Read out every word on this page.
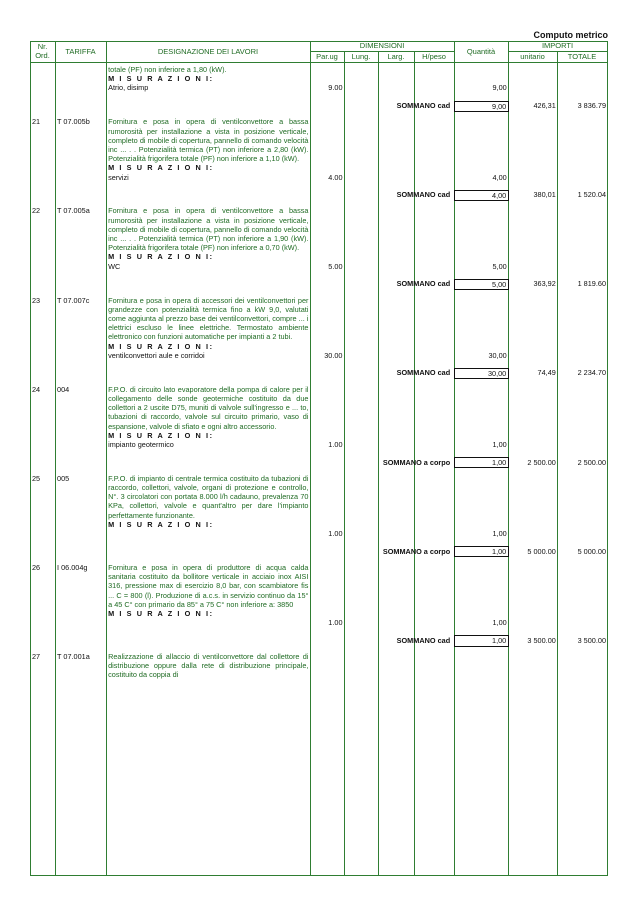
Computo metrico
Nr.
Ord.	TARIFFA	DESIGNAZIONE DEI LAVORI
DIMENSIONI
Par.ug	Lung.	Larg.	H/peso
Quantità
IMPORTI
unitario	TOTALE
		totale (PF) non inferiore a 1,80 (kW).							
		M I S U R A Z I O N I:							
		Atrio, disimp	9.00				9,00		

		SOMMANO cad					9,00	426,31	3 836.79
21	T 07.005b	Fornitura e posa in opera di ventilconvettore a bassa rumorosità per installazione a vista in posizione verticale, completo di mobile di copertura, pannello di comando velocità inc ... . . Potenzialità termica (PT) non inferiore a 2,80 (kW). Potenzialità frigorifera totale (PF) non inferiore a 1,10 (kW).							
		M I S U R A Z I O N I:							
		servizi	4.00				4,00		

		SOMMANO cad					4,00	380,01	1 520.04
22	T 07.005a	Fornitura e posa in opera di ventilconvettore a bassa rumorosità per installazione a vista in posizione verticale, completo di mobile di copertura, pannello di comando velocità inc ... . . Potenzialità termica (PT) non inferiore a 1,90 (kW). Potenzialità frigorifera totale (PF) non inferiore a 0,70 (kW).							
		M I S U R A Z I O N I:							
		WC	5.00				5,00		

		SOMMANO cad					5,00	363,92	1 819.60
23	T 07.007c	Fornitura e posa in opera di accessori dei ventilconvettori per grandezze con potenzialità termica fino a kW 9,0, valutati come aggiunta al prezzo base dei ventilconvettori, compre ... i elettrici escluso le linee elettriche. Termostato ambiente elettronico con funzioni automatiche per impianti a 2 tubi.							
		M I S U R A Z I O N I:							
		ventilconvettori aule e corridoi	30.00				30,00		

		SOMMANO cad					30,00	74,49	2 234.70
24	004	F.P.O. di circuito lato evaporatore della pompa di calore per il collegamento delle sonde geotermiche costituito da due collettori a 2 uscite D75, muniti di valvole sull'ingresso e ... to, tubazioni di raccordo, valvole sul circuito primario, vaso di espansione, valvole di sfiato e ogni altro accessorio.							
		M I S U R A Z I O N I:							
		impianto geotermico	1.00				1,00		

		SOMMANO a corpo					1,00	2 500.00	2 500.00
25	005	F.P.O. di impianto di centrale termica costituito da tubazioni di raccordo, collettori, valvole, organi di protezione e controllo, N°. 3 circolatori con portata 8.000 l/h cadauno, prevalenza 70 KPa, collettori, valvole e quant'altro per dare l'impianto perfettamente funzionante.							
		M I S U R A Z I O N I:							
			1.00				1,00		

		SOMMANO a corpo					1,00	5 000.00	5 000.00
26	I 06.004g	Fornitura e posa in opera di produttore di acqua calda sanitaria costituito da bollitore verticale in acciaio inox AISI 316, pressione max di esercizio 8,0 bar, con scambiatore fis ... C = 800 (l). Produzione di a.c.s. in servizio continuo da 15° a 45 C° con primario da 85° a 75 C° non inferiore a: 3850							
		M I S U R A Z I O N I:							
			1.00				1,00		

		SOMMANO cad					1,00	3 500.00	3 500.00
27	T 07.001a	Realizzazione di allaccio di ventilconvettore dal collettore di distribuzione oppure dalla rete di distribuzione principale, costituito da coppia di							
